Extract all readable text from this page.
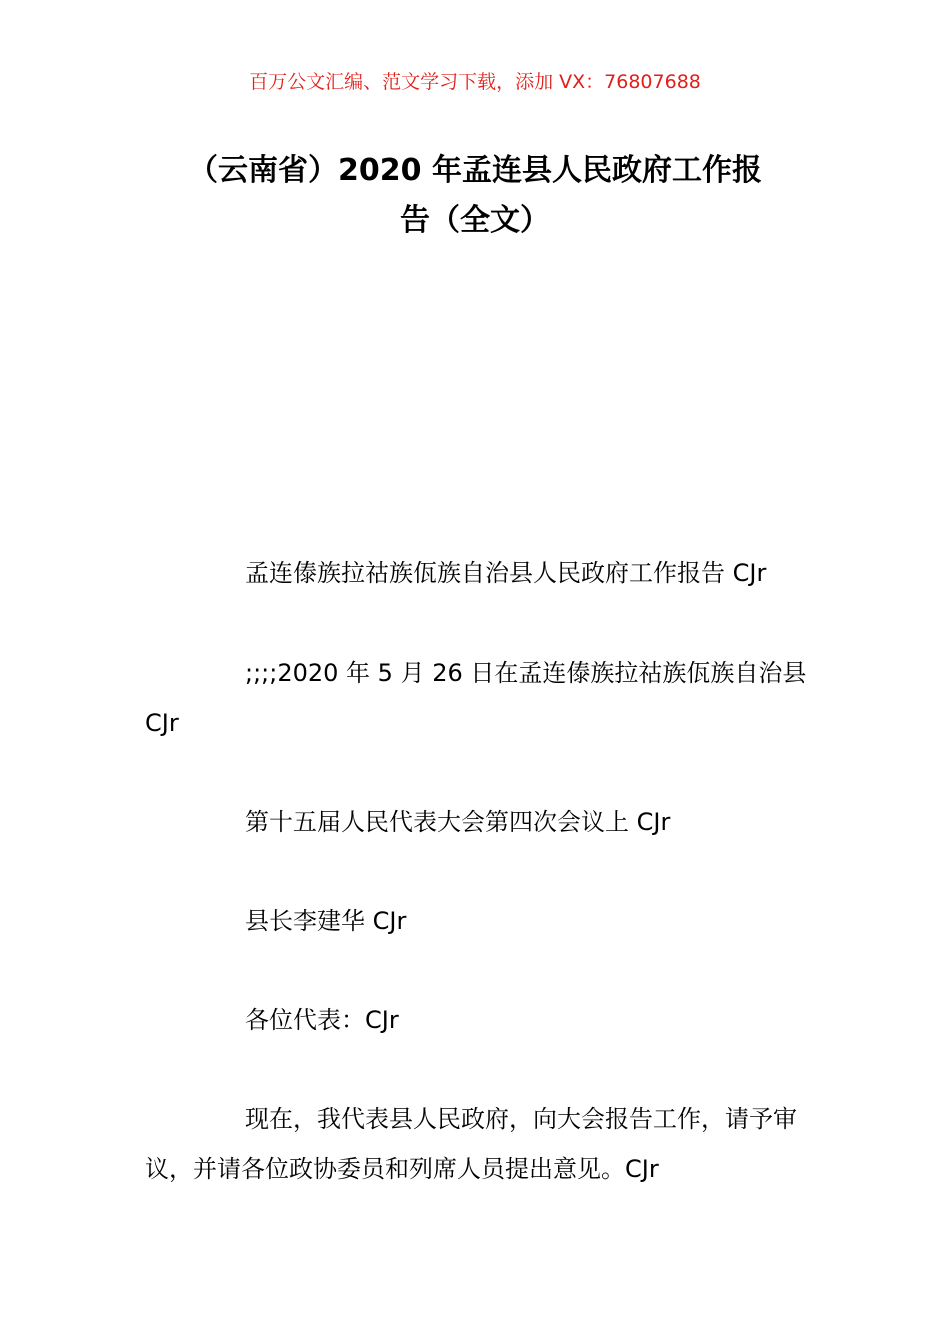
百万公文汇编、范文学习下载，添加 VX：76807688
（云南省）2020 年孟连县人民政府工作报
告（全文）

孟连傣族拉祜族佤族自治县人民政府工作报告 CJr

;;;;2020 年 5 月 26 日在孟连傣族拉祜族佤族自治县 CJr

第十五届人民代表大会第四次会议上 CJr

县长李建华 CJr

各位代表：CJr

现在，我代表县人民政府，向大会报告工作，请予审议，并请各位政协委员和列席人员提出意见。CJr
